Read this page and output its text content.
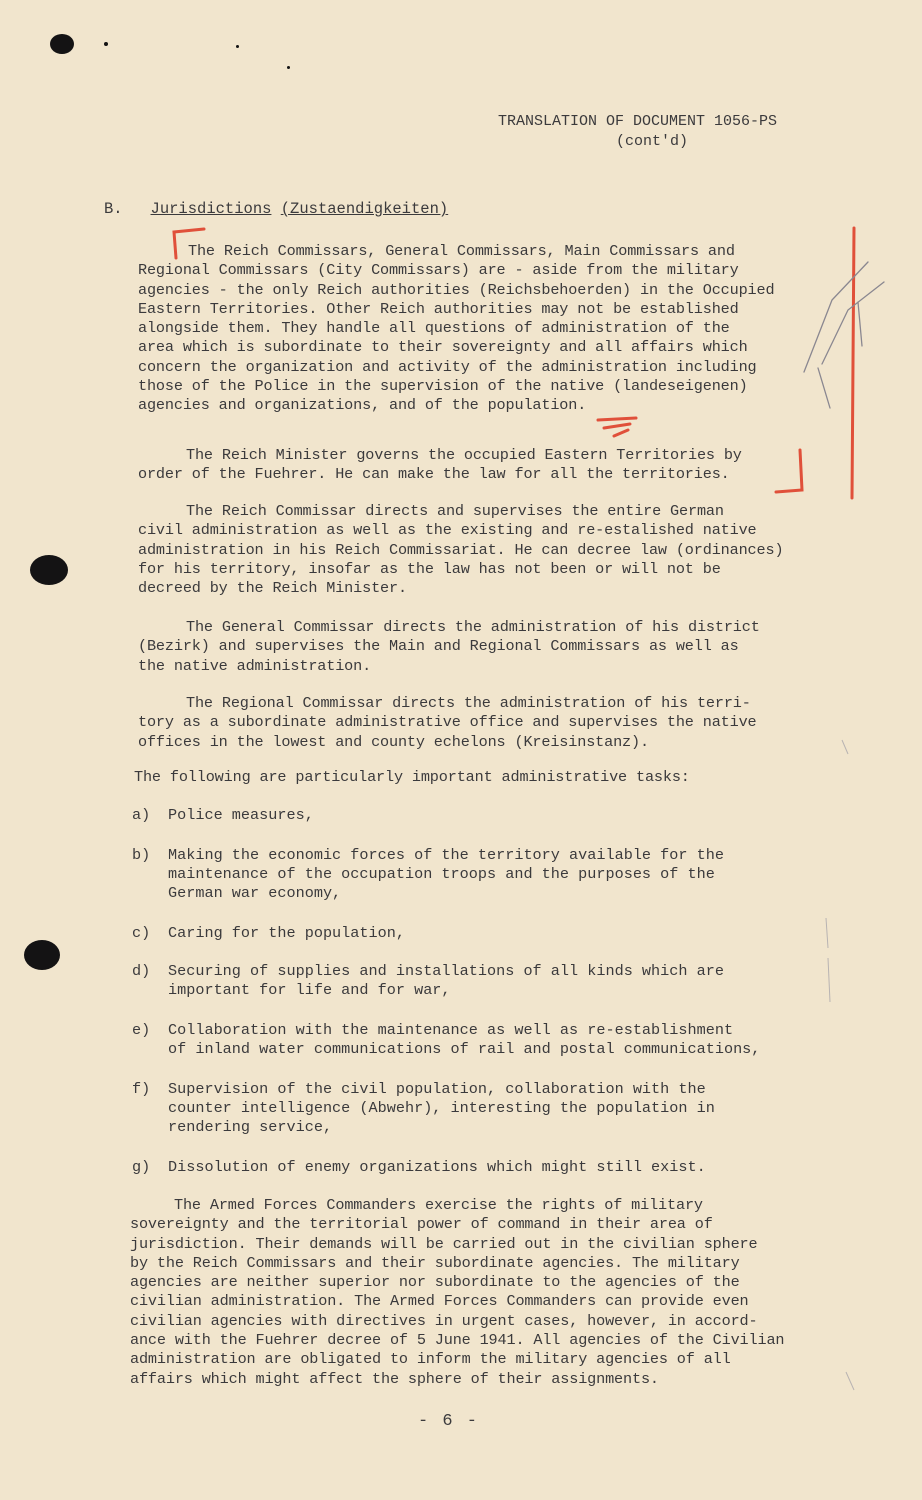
TRANSLATION OF DOCUMENT 1056-PS
(cont'd)
B. Jurisdictions (Zustaendigkeiten)
The Reich Commissars, General Commissars, Main Commissars and
Regional Commissars (City Commissars) are - aside from the military
agencies - the only Reich authorities (Reichsbehoerden) in the Occupied
Eastern Territories. Other Reich authorities may not be established
alongside them. They handle all questions of administration of the
area which is subordinate to their sovereignty and all affairs which
concern the organization and activity of the administration including
those of the Police in the supervision of the native (landeseigenen)
agencies and organizations, and of the population.
The Reich Minister governs the occupied Eastern Territories by
order of the Fuehrer. He can make the law for all the territories.
The Reich Commissar directs and supervises the entire German
civil administration as well as the existing and re-estalished native
administration in his Reich Commissariat. He can decree law (ordinances)
for his territory, insofar as the law has not been or will not be
decreed by the Reich Minister.
The General Commissar directs the administration of his district
(Bezirk) and supervises the Main and Regional Commissars as well as
the native administration.
The Regional Commissar directs the administration of his terri-
tory as a subordinate administrative office and supervises the native
offices in the lowest and county echelons (Kreisinstanz).
The following are particularly important administrative tasks:
a) Police measures,
b) Making the economic forces of the territory available for the
maintenance of the occupation troops and the purposes of the
German war economy,
c) Caring for the population,
d) Securing of supplies and installations of all kinds which are
important for life and for war,
e) Collaboration with the maintenance as well as re-establishment
of inland water communications of rail and postal communications,
f) Supervision of the civil population, collaboration with the
counter intelligence (Abwehr), interesting the population in
rendering service,
g) Dissolution of enemy organizations which might still exist.
The Armed Forces Commanders exercise the rights of military
sovereignty and the territorial power of command in their area of
jurisdiction. Their demands will be carried out in the civilian sphere
by the Reich Commissars and their subordinate agencies. The military
agencies are neither superior nor subordinate to the agencies of the
civilian administration. The Armed Forces Commanders can provide even
civilian agencies with directives in urgent cases, however, in accord-
ance with the Fuehrer decree of 5 June 1941. All agencies of the Civilian
administration are obligated to inform the military agencies of all
affairs which might affect the sphere of their assignments.
- 6 -
